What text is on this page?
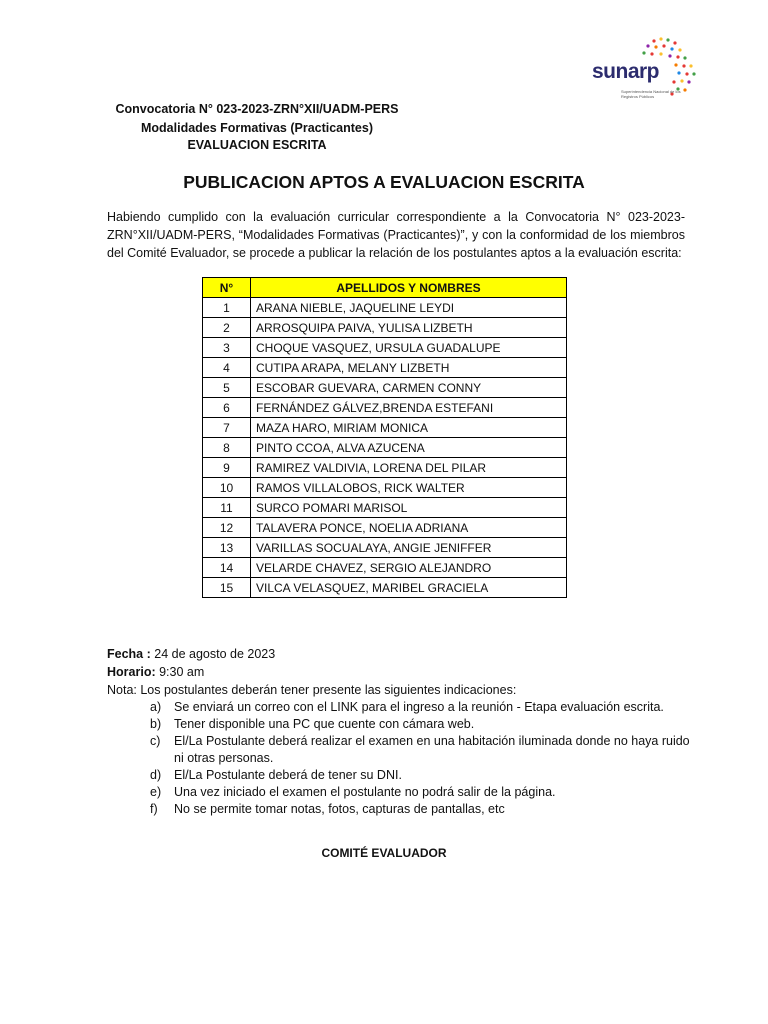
sunarp
Superintendencia Nacional de los Registros Públicos
Convocatoria N° 023-2023-ZRN°XII/UADM-PERS
Modalidades Formativas (Practicantes)
EVALUACION ESCRITA
PUBLICACION APTOS A EVALUACION ESCRITA
Habiendo cumplido con la evaluación curricular correspondiente a la Convocatoria N° 023-2023-ZRN°XII/UADM-PERS, “Modalidades Formativas (Practicantes)”, y con la conformidad de los miembros del Comité Evaluador, se procede a publicar la relación de los postulantes aptos a la evaluación escrita:
N°	APELLIDOS Y NOMBRES
1	ARANA NIEBLE, JAQUELINE LEYDI
2	ARROSQUIPA PAIVA, YULISA LIZBETH
3	CHOQUE VASQUEZ, URSULA GUADALUPE
4	CUTIPA ARAPA, MELANY LIZBETH
5	ESCOBAR GUEVARA, CARMEN CONNY
6	FERNÁNDEZ GÁLVEZ,BRENDA ESTEFANI
7	MAZA HARO, MIRIAM MONICA
8	PINTO CCOA, ALVA AZUCENA
9	RAMIREZ VALDIVIA, LORENA DEL PILAR
10	RAMOS VILLALOBOS, RICK WALTER
11	SURCO POMARI MARISOL
12	TALAVERA PONCE, NOELIA ADRIANA
13	VARILLAS SOCUALAYA, ANGIE JENIFFER
14	VELARDE CHAVEZ, SERGIO ALEJANDRO
15	VILCA VELASQUEZ, MARIBEL GRACIELA
Fecha : 24 de agosto de 2023
Horario: 9:30 am
Nota: Los postulantes deberán tener presente las siguientes indicaciones:
a) Se enviará un correo con el LINK para el ingreso a la reunión - Etapa evaluación escrita.
b) Tener disponible una PC que cuente con cámara web.
c) El/La Postulante deberá realizar el examen en una habitación iluminada donde no haya ruido ni otras personas.
d) El/La Postulante deberá de tener su DNI.
e) Una vez iniciado el examen el postulante no podrá salir de la página.
f) No se permite tomar notas, fotos, capturas de pantallas, etc
COMITÉ EVALUADOR
